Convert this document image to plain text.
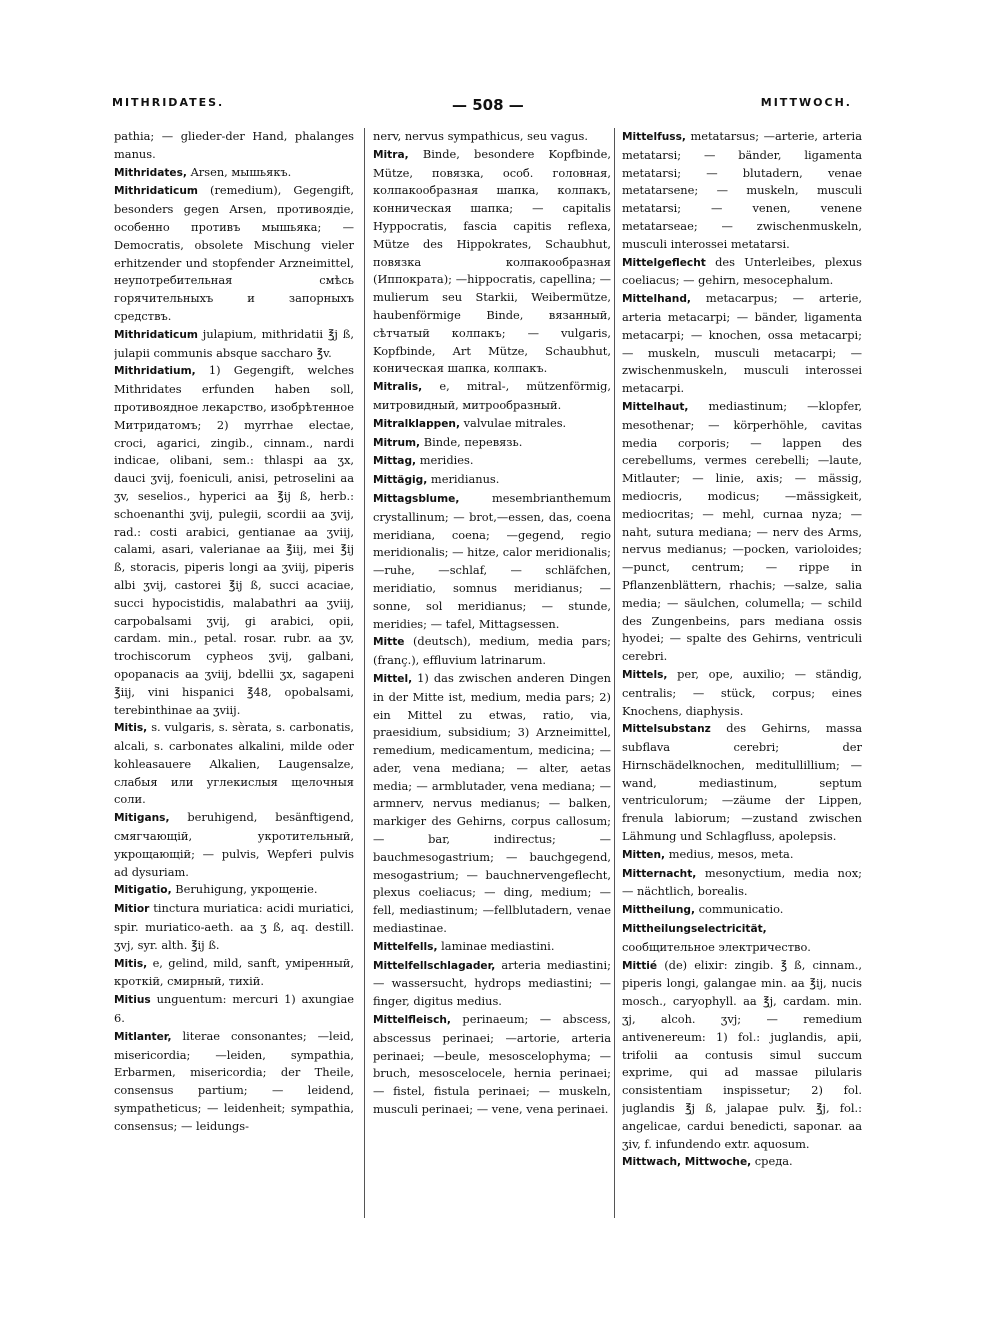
MITHRIDATES.	— 508 —	MITTWOCH.

pathia; — glieder-der Hand, phalanges manus.

Mithridates, Arsen, мышьякъ.

Mithridaticum (remedium), Gegengift, besonders gegen Arsen, противоядіе, особенно противъ мышьяка; — Democratis, obsolete Mischung vieler erhitzender und stopfender Arzneimittel, неупотребительная смѣсь горячительныхъ и запорныхъ средствъ.

Mithridaticum julapium, mithridatii ℥j ß, julapii communis absque saccharo ℥v.

Mithridatium, 1) Gegengift, welches Mithridates erfunden haben soll, противоядное лекарство, изобрѣтенное Митридатомъ; 2) myrrhae electae, croci, agarici, zingib., cinnam., nardi indicae, olibani, sem.: thlaspi aa ʒx, dauci ʒvij, foeniculi, anisi, petroselini aa ʒv, seselios., hyperici aa ℥ij ß, herb.: schoenanthi ʒvij, pulegii, scordii aa ʒvij, rad.: costi arabici, gentianae aa ʒviij, calami, asari, valerianae aa ℥iij, mei ℥ij ß, storacis, piperis longi aa ʒviij, piperis albi ʒvij, castorei ℥ij ß, succi acaciae, succi hypocistidis, malabathri aa ʒviij, carpobalsami ʒvij, gi arabici, opii, cardam. min., petal. rosar. rubr. aa ʒv, trochiscorum cypheos ʒvij, galbani, opopanacis aa ʒviij, bdellii ʒx, sagapeni ℥iij, vini hispanici ℥48, opobalsami, terebinthinae aa ʒviij.

Mitis, s. vulgaris, s. sèrata, s. carbonatis, alcali, s. carbonates alkalini, milde oder kohleasauere Alkalien, Laugensalze, слабыя или углекислыя щелочныя соли.

Mitigans, beruhigend, besänftigend, смягчающій, укротительный, укрощающій; — pulvis, Wepferi pulvis ad dysuriam.

Mitigatio, Beruhigung, укрощеніе.

Mitior tinctura muriatica: acidi muriatici, spir. muriatico-aeth. aa ʒ ß, aq. destill. ʒvj, syr. alth. ℥ij ß.

Mitis, e, gelind, mild, sanft, уміренный, кроткій, смирный, тихій.

Mitius unguentum: mercuri 1) axungiae 6.

Mitlanter, literae consonantes; —leid, misericordia; —leiden, sympathia, Erbarmen, misericordia; der Theile, consensus partium; — leidend, sympatheticus; — leidenheit; sympathia, consensus; — leidungs-

nerv, nervus sympathicus, seu vagus.

Mitra, Binde, besondere Kopfbinde, Mütze, повязка, особ. головная, колпакообразная шапка, колпакъ, конническая шапка; — capitalis Hyppocratis, fascia capitis reflexa, Mütze des Hippokrates, Schaubhut, повязка колпакообразная (Иппократа); —hippocratis, capellina; — mulierum seu Starkii, Weibermütze, haubenförmige Binde, вязанный, сѣтчатый колпакъ; — vulgaris, Kopfbinde, Art Mütze, Schaubhut, коническая шапка, колпакъ.

Mitralis, e, mitral-, mützenförmig, митровидный, митрообразный.

Mitralklappen, valvulae mitrales.

Mitrum, Binde, перевязь.

Mittag, meridies.

Mittägig, meridianus.

Mittagsblume,	mesembrianthemum crystallinum; — brot,—essen, das, coena meridiana, coena; —gegend, regio meridionalis; — hitze, calor meridionalis; —ruhe, —schlaf, — schläfchen, meridiatio, somnus meridianus; — sonne, sol meridianus; — stunde, meridies; — tafel, Mittagsessen.

Mitte (deutsch), medium, media pars; (franç.), effluvium latrinarum.

Mittel, 1) das zwischen anderen Dingen in der Mitte ist, medium, media pars; 2) ein Mittel zu etwas, ratio, via, praesidium, subsidium; 3) Arzneimittel, remedium, medicamentum, medicina; — ader, vena mediana; — alter, aetas media; — armblutader, vena mediana; —armnerv, nervus medianus; — balken, markiger des Gehirns, corpus callosum; — bar, indirectus; — bauchmesogastrium; — bauchgegend, mesogastrium; — bauchnervengeflecht, plexus coeliacus; — ding, medium; — fell, mediastinum; —fellblutadern, venae mediastinae.

Mittelfells, laminae mediastini.

Mittelfellschlagader, arteria mediastini; — wassersucht, hydrops mediastini; — finger, digitus medius.

Mittelfleisch, perinaeum; — abscess, abscessus perinaei; —artorie, arteria perinaei; —beule, mesoscelophyma; — bruch, mesoscelocele, hernia perinaei; — fistel, fistula perinaei; — muskeln, musculi perinaei; — vene, vena perinaei.

Mittelfuss, metatarsus; —arterie, arteria metatarsi; — bänder, ligamenta metatarsi; — blutadern, venae metatarsene; — muskeln, musculi metatarsi; — venen, venene metatarseae; — zwischenmuskeln, musculi interossei metatarsi.

Mittelgeflecht des Unterleibes, plexus coeliacus; — gehirn, mesocephalum.

Mittelhand, metacarpus; — arterie, arteria metacarpi; — bänder, ligamenta metacarpi; — knochen, ossa metacarpi; — muskeln, musculi metacarpi; — zwischenmuskeln, musculi interossei metacarpi.

Mittelhaut, mediastinum; —klopfer, mesothenar; — körperhöhle, cavitas media corporis; — lappen des cerebellums, vermes cerebelli; —laute, Mitlauter; — linie, axis; — mässig, mediocris, modicus; —mässigkeit, mediocritas; — mehl, curnaa nyza; —naht, sutura mediana; — nerv des Arms, nervus medianus; —pocken, varioloides; —punct, centrum; — rippe in Pflanzenblättern, rhachis; —salze, salia media; — säulchen, columella; — schild des Zungenbeins, pars mediana ossis hyodei; — spalte des Gehirns, ventriculi cerebri.

Mittels, per, ope, auxilio; — ständig, centralis; — stück, corpus; eines Knochens, diaphysis.

Mittelsubstanz des Gehirns, massa subflava cerebri; der Hirnschädelknochen, meditullillium; —wand, mediastinum, septum ventriculorum; —zäume der Lippen, frenula labiorum; —zustand zwischen Lähmung und Schlagfluss, apolepsis.

Mitten, medius, mesos, meta.

Mitternacht, mesonyctium, media nox; — nächtlich, borealis.

Mittheilung, communicatio.

Mittheilungselectricität, сообщительное электричество.

Mittié (de) elixir: zingib. ℥ ß, cinnam., piperis longi, galangae min. aa ℥ij, nucis mosch., caryophyll. aa ℥j, cardam. min. ʒj, alcoh. ʒvj; — remedium antivenereum: 1) fol.: juglandis, apii, trifolii aa contusis simul succum exprime, qui ad massae pilularis consistentiam inspissetur; 2) fol. juglandis ℥j ß, jalapae pulv. ℥j, fol.: angelicae, cardui benedicti, saponar. aa ʒiv, f. infundendo extr. aquosum.

Mittwach, Mittwoche, среда.
